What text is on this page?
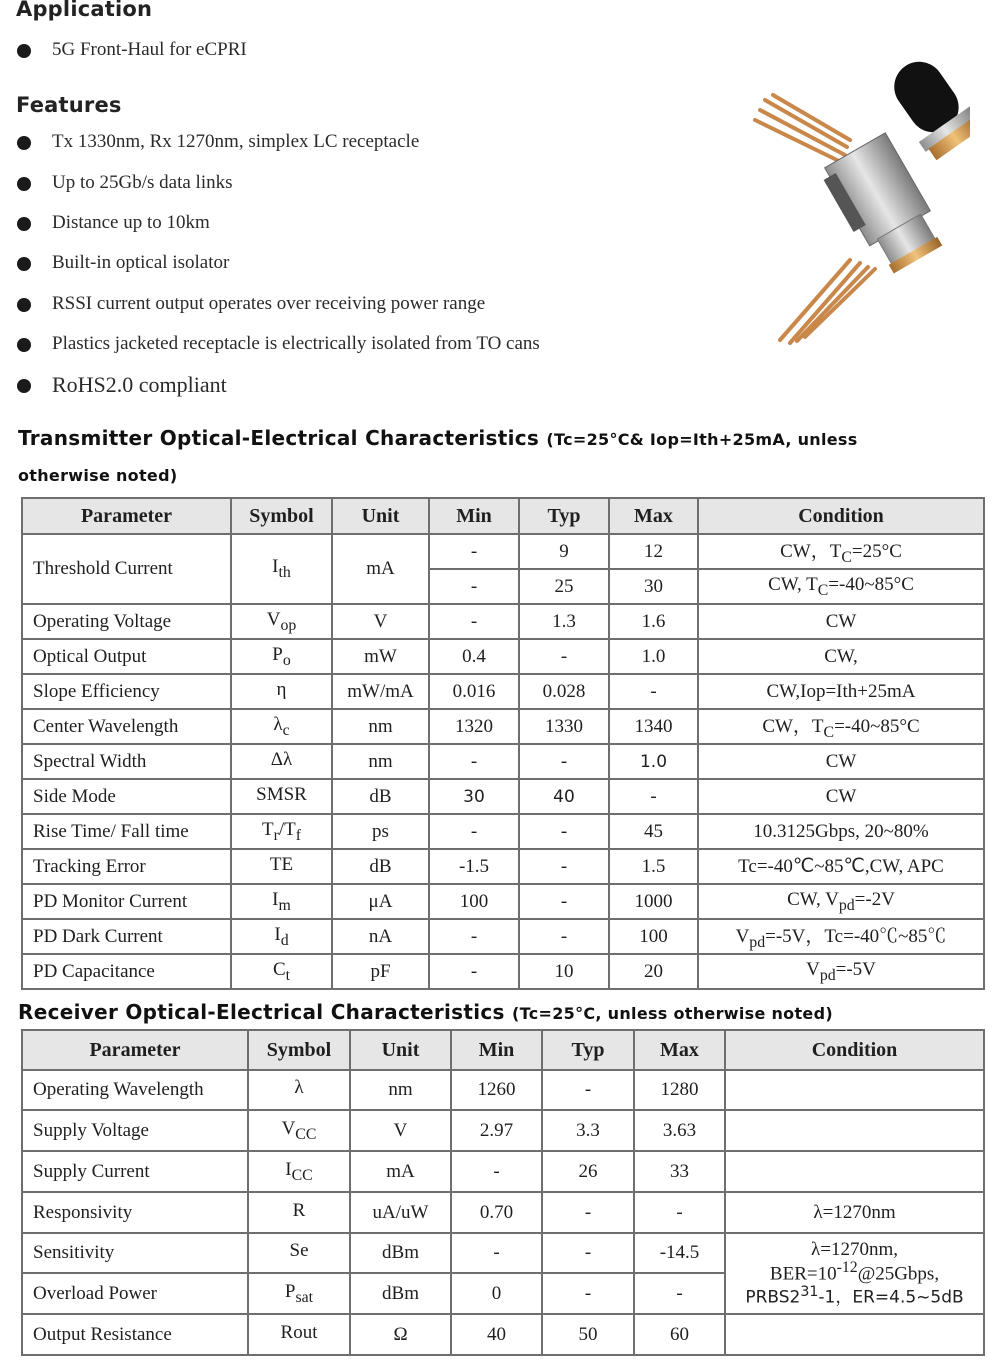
Application
5G Front-Haul for eCPRI
Features
Tx 1330nm, Rx 1270nm, simplex LC receptacle
Up to 25Gb/s data links
Distance up to 10km
Built-in optical isolator
RSSI current output operates over receiving power range
Plastics jacketed receptacle is electrically isolated from TO cans
RoHS2.0 compliant
Transmitter Optical-Electrical Characteristics (Tc=25°C& Iop=Ith+25mA, unless
otherwise noted)
Parameter	Symbol	Unit	Min	Typ	Max	Condition
Threshold Current	$I_{th}$	mA	-	9	12	CW，$T_C=25^\circ C$
			-	25	30	CW, $T_C=-40\sim 85^\circ C$
Operating Voltage	$V_{op}$	V	-	1.3	1.6	CW
Optical Output	$P_o$	mW	0.4	-	1.0	CW,
Slope Efficiency	η	mW/mA	0.016	0.028	-	CW,Iop=Ith+25mA
Center Wavelength	$\lambda_c$	nm	1320	1330	1340	CW，$T_C=-40\sim 85^\circ C$
Spectral Width	Δλ	nm	-	-	1.0	CW
Side Mode	SMSR	dB	30	40	-	CW
Rise Time/ Fall time	$T_r/T_f$	ps	-	-	45	10.3125Gbps, 20~80%
Tracking Error	TE	dB	-1.5	-	1.5	Tc=-40℃~85℃,CW, APC
PD Monitor Current	$I_m$	μA	100	-	1000	CW, $V_{pd}=-2V$
PD Dark Current	$I_d$	nA	-	-	100	$V_{pd}=-5V$，Tc=-40℃~85℃
PD Capacitance	$C_t$	pF	-	10	20	$V_{pd}=-5V$
Receiver Optical-Electrical Characteristics (Tc=25°C, unless otherwise noted)
Parameter	Symbol	Unit	Min	Typ	Max	Condition
Operating Wavelength	λ	nm	1260	-	1280	
Supply Voltage	$V_{CC}$	V	2.97	3.3	3.63	
Supply Current	$I_{CC}$	mA	-	26	33	
Responsivity	R	uA/uW	0.70	-	-	λ=1270nm
Sensitivity	Se	dBm	-	-	-14.5	λ=1270nm,
$BER=10^{-12}@25Gbps$,
$PRBS2^{31}-1$，ER=4.5~5dB

Overload Power	$P_{sat}$	dBm	0	-	-	
Output Resistance	Rout	Ω	40	50	60	
